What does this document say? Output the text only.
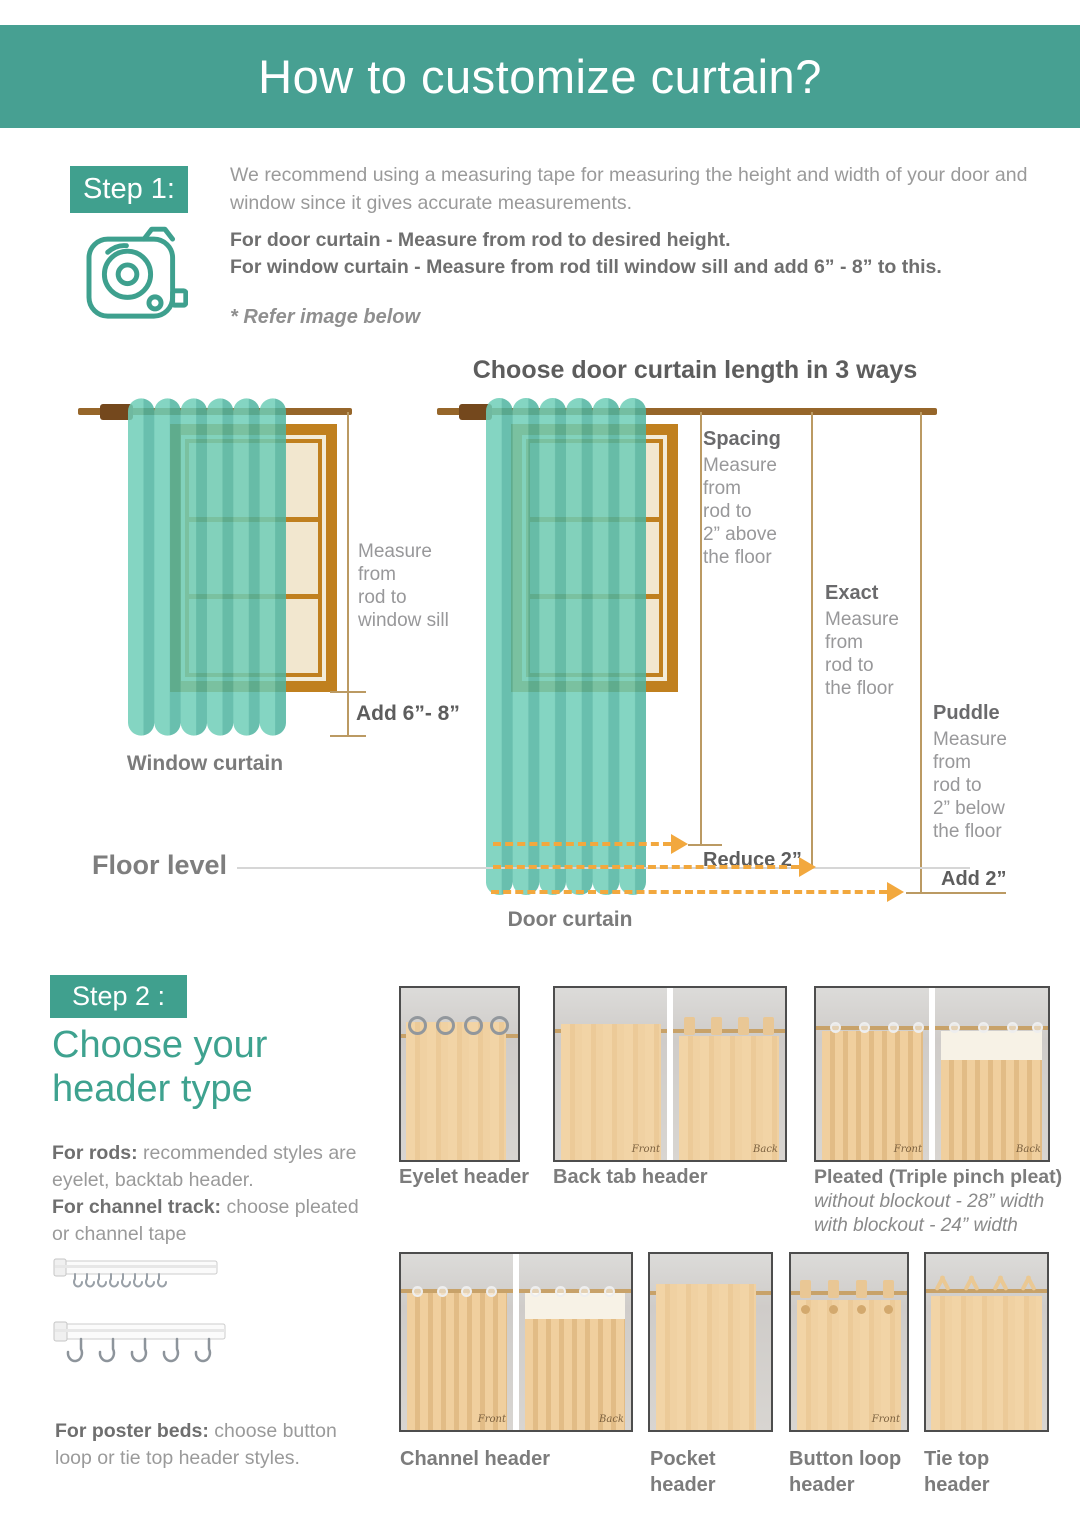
How to customize curtain?
Step 1:	We recommend using a measuring tape for measuring the height and width of your door and window since it gives accurate measurements.
For door curtain - Measure from rod to desired height.
For window curtain - Measure from rod till window sill and add 6” - 8” to this.
* Refer image below
Choose door curtain length in 3 ways
Measure
from
rod to
window sill
Add 6”- 8”
Window curtain
Spacing
Measure
from
rod to
2” above
the floor
Exact
Measure
from
rod to
the floor
Puddle
Measure
from
rod to
2” below
the floor
Floor level	Reduce 2”
Add 2”
Door curtain
Step 2 :
Choose your
header type
For rods: recommended styles are
eyelet, backtab header.
For channel track: choose pleated
or channel tape
For poster beds: choose button
loop or tie top header styles.
Front	Back	Front	Back
Eyelet header Back tab header	Pleated (Triple pinch pleat)
without blockout - 28” width
with blockout - 24” width
Front	Back	Front
Channel header	Pocket header
Button loop header
Tie top header
